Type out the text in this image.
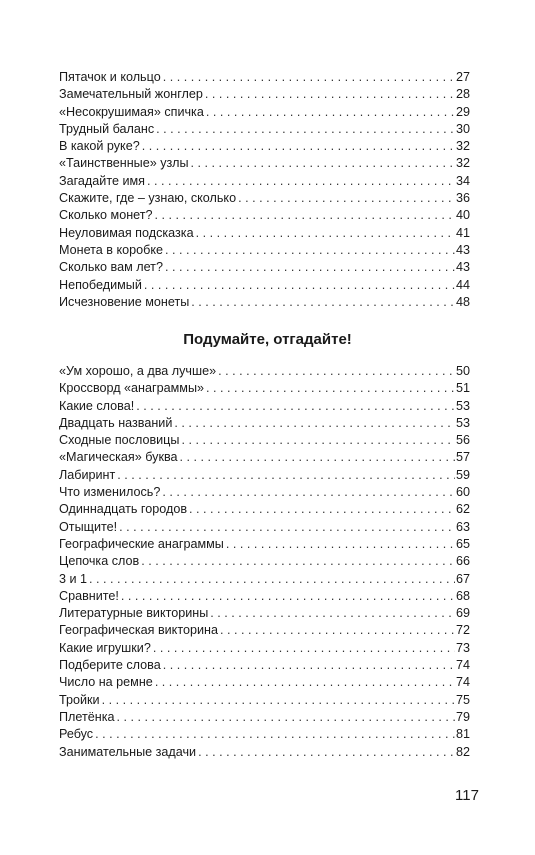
Пятачок и кольцо . . .	27
Замечательный жонглер . . .	28
«Несокрушимая» спичка . . .	29
Трудный баланс . . .	30
В какой руке? . . .	32
«Таинственные» узлы . . .	32
Загадайте имя . . .	34
Скажите, где – узнаю, сколько . . .	36
Сколько монет? . . .	40
Неуловимая подсказка . . .	41
Монета в коробке . . .	43
Сколько вам лет? . . .	43
Непобедимый . . .	44
Исчезновение монеты . . .	48
Подумайте, отгадайте!
«Ум хорошо, а два лучше» . . .	50
Кроссворд «анаграммы» . . .	51
Какие слова! . . .	53
Двадцать названий . . .	53
Сходные пословицы . . .	56
«Магическая» буква . . .	57
Лабиринт . . .	59
Что изменилось? . . .	60
Одиннадцать городов . . .	62
Отыщите! . . .	63
Географические анаграммы . . .	65
Цепочка слов . . .	66
3 и 1 . . .	67
Сравните! . . .	68
Литературные викторины . . .	69
Географическая викторина . . .	72
Какие игрушки? . . .	73
Подберите слова . . .	74
Число на ремне . . .	74
Тройки . . .	75
Плетёнка . . .	79
Ребус . . .	81
Занимательные задачи . . .	82
117
